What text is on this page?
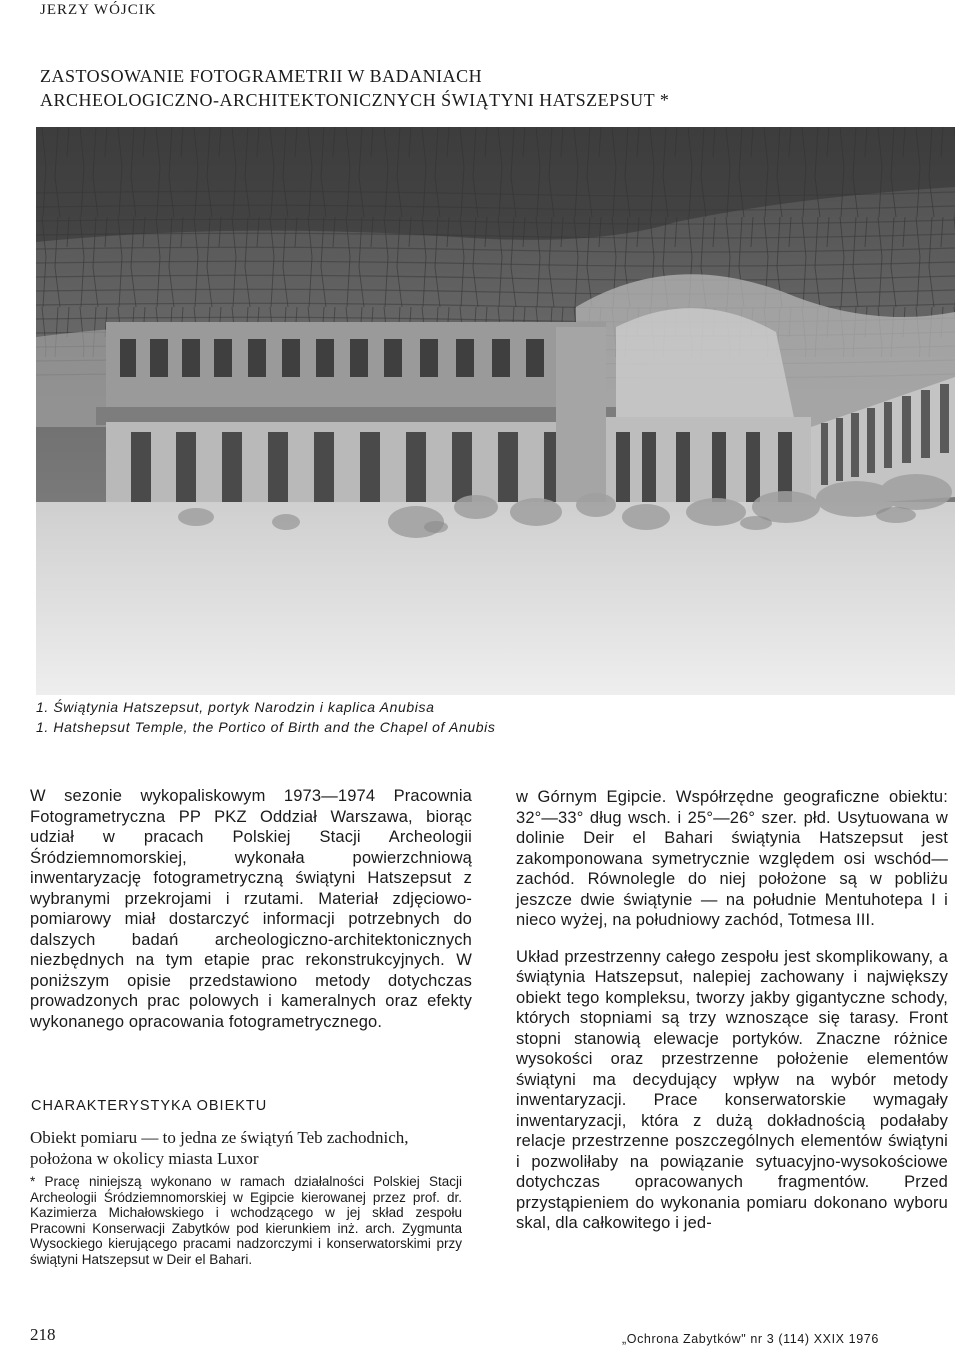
JERZY WÓJCIK
ZASTOSOWANIE FOTOGRAMETRII W BADANIACH
ARCHEOLOGICZNO-ARCHITEKTONICZNYCH ŚWIĄTYNI HATSZEPSUT *
1. Świątynia Hatszepsut, portyk Narodzin i kaplica Anubisa
1. Hatshepsut Temple, the Portico of Birth and the Chapel of Anubis

W sezonie wykopaliskowym 1973—1974 Pracownia Fotogrametryczna PP PKZ Oddział Warszawa, biorąc udział w pracach Polskiej Stacji Archeologii Śródziemnomorskiej, wykonała powierzchniową inwentaryzację fotogrametryczną świątyni Hatszepsut z wybranymi przekrojami i rzutami. Materiał zdjęciowo-pomiarowy miał dostarczyć informacji potrzebnych do dalszych badań archeologiczno-architektonicznych niezbędnych na tym etapie prac rekonstrukcyjnych. W poniższym opisie przedstawiono metody dotychczas prowadzonych prac polowych i kameralnych oraz efekty wykonanego opracowania fotogrametrycznego.

CHARAKTERYSTYKA OBIEKTU
Obiekt pomiaru — to jedna ze świątyń Teb zachodnich, położona w okolicy miasta Luxor
* Pracę niniejszą wykonano w ramach działalności Polskiej Stacji Archeologii Śródziemnomorskiej w Egipcie kierowanej przez prof. dr. Kazimierza Michałowskiego i wchodzącego w jej skład zespołu Pracowni Konserwacji Zabytków pod kierunkiem inż. arch. Zygmunta Wysockiego kierującego pracami nadzorczymi i konserwatorskimi przy świątyni Hatszepsut w Deir el Bahari.

w Górnym Egipcie. Współrzędne geograficzne obiektu: 32°—33° dług wsch. i 25°—26° szer. płd. Usytuowana w dolinie Deir el Bahari świątynia Hatszepsut jest zakomponowana symetrycznie względem osi wschód—zachód. Równolegle do niej położone są w pobliżu jeszcze dwie świątynie — na południe Mentuhotepa I i nieco wyżej, na południowy zachód, Totmesa III.

Układ przestrzenny całego zespołu jest skomplikowany, a świątynia Hatszepsut, nalepiej zachowany i największy obiekt tego kompleksu, tworzy jakby gigantyczne schody, których stopniami są trzy wznoszące się tarasy. Front stopni stanowią elewacje portyków. Znaczne różnice wysokości oraz przestrzenne położenie elementów świątyni ma decydujący wpływ na wybór metody inwentaryzacji. Prace konserwatorskie wymagały inwentaryzacji, która z dużą dokładnością podałaby relacje przestrzenne poszczególnych elementów świątyni i pozwoliłaby na powiązanie sytuacyjno-wysokościowe dotychczas opracowanych fragmentów. Przed przystąpieniem do wykonania pomiaru dokonano wyboru skal, dla całkowitego i jed-

218	„Ochrona Zabytków" nr 3 (114) XXIX 1976
